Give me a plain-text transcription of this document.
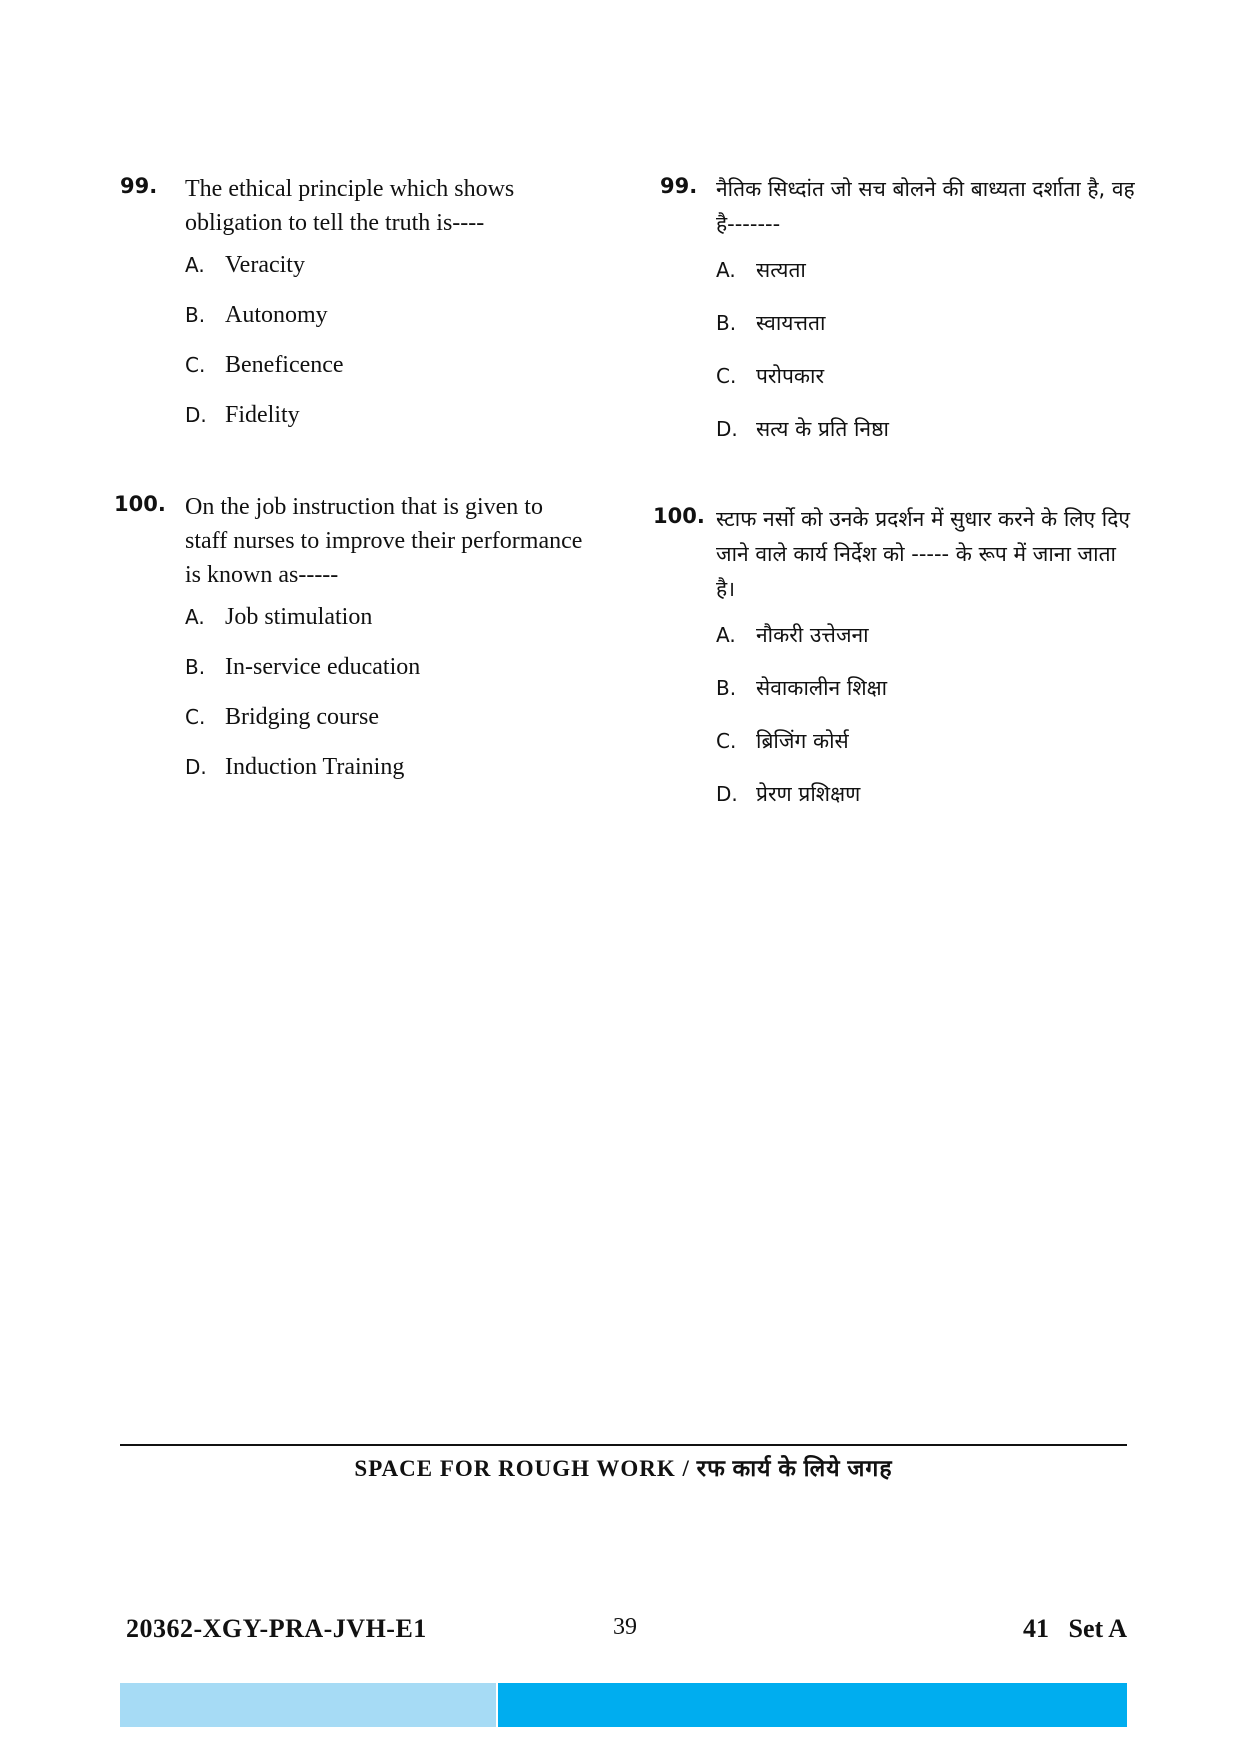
99. The ethical principle which shows obligation to tell the truth is----
A. Veracity
B. Autonomy
C. Beneficence
D. Fidelity
100. On the job instruction that is given to staff nurses to improve their performance is known as-----
A. Job stimulation
B. In-service education
C. Bridging course
D. Induction Training
99. नैतिक सिध्दांत जो सच बोलने की बाध्यता दर्शाता है, वह है-------
A. सत्यता
B. स्वायत्तता
C. परोपकार
D. सत्य के प्रति निष्ठा
100. स्टाफ नर्सो को उनके प्रदर्शन में सुधार करने के लिए दिए जाने वाले कार्य निर्देश को ----- के रूप में जाना जाता है।
A. नौकरी उत्तेजना
B. सेवाकालीन शिक्षा
C. ब्रिजिंग कोर्स
D. प्रेरण प्रशिक्षण
SPACE FOR ROUGH WORK / रफ कार्य के लिये जगह
20362-XGY-PRA-JVH-E1	39	41   Set A
